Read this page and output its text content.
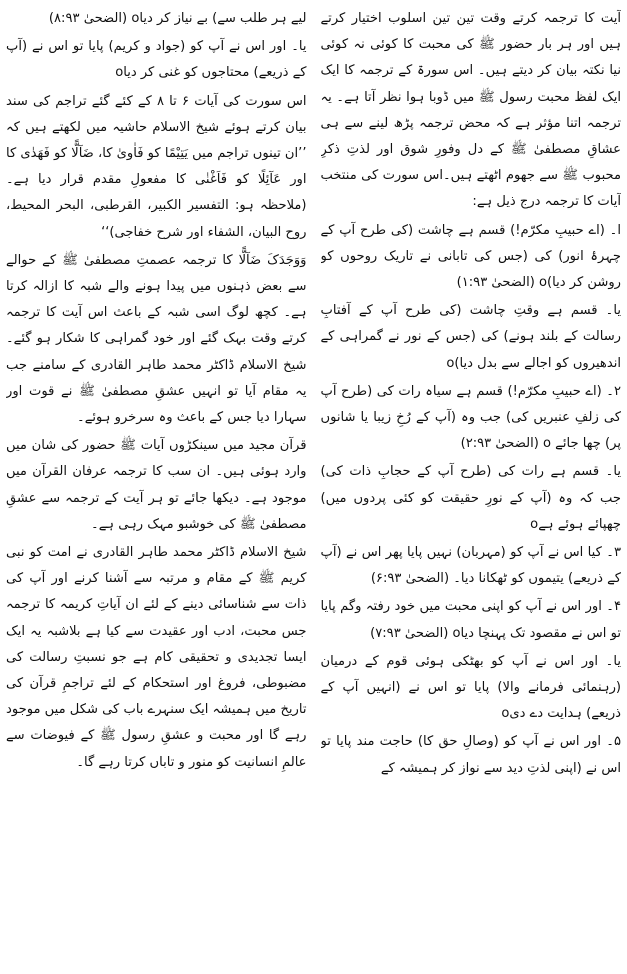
آیت کا ترجمہ کرتے وقت تین تین اسلوب اختیار کرتے ہیں اور ہر بار حضور ﷺ کی محبت کا کوئی نہ کوئی نیا نکتہ بیان کر دیتے ہیں۔ اس سورۃ کے ترجمہ کا ایک ایک لفظ محبت رسول ﷺ میں ڈوبا ہوا نظر آتا ہے۔ یہ ترجمہ اتنا مؤثر ہے کہ محض ترجمہ پڑھ لینے سے ہی عشاقِ مصطفیٰ ﷺ کے دل وفورِ شوق اور لذتِ ذکرِ محبوب ﷺ سے جھوم اٹھتے ہیں۔اس سورت کی منتخب آیات کا ترجمہ درج ذیل ہے:

ا۔ (اے حبیبِ مکرّم!) قسم ہے چاشت (کی طرح آپ کے چہرۂ انور) کی (جس کی تابانی نے تاریک روحوں کو روشن کر دیا)o (الضحیٰ ۱:۹۳)

یا۔ قسم ہے وقتِ چاشت (کی طرح آپ کے آفتابِ رسالت کے بلند ہونے) کی (جس کے نور نے گمراہی کے اندھیروں کو اجالے سے بدل دیا)o

۲۔ (اے حبیبِ مکرّم!) قسم ہے سیاہ رات کی (طرح آپ کی زلفِ عنبریں کی) جب وہ (آپ کے رُخِ زیبا یا شانوں پر) چھا جائے o (الضحیٰ ۲:۹۳)

یا۔ قسم ہے رات کی (طرح آپ کے حجابِ ذات کی) جب کہ وہ (آپ کے نورِ حقیقت کو کئی پردوں میں) چھپائے ہوئے ہےo

۳۔ کیا اس نے آپ کو (مہربان) نہیں پایا پھر اس نے (آپ کے ذریعے) یتیموں کو ٹھکانا دیا۔ (الضحیٰ ۶:۹۳)

۴۔ اور اس نے آپ کو اپنی محبت میں خود رفتہ وگم پایا تو اس نے مقصود تک پہنچا دیاo (الضحیٰ ۷:۹۳)

یا۔ اور اس نے آپ کو بھٹکی ہوئی قوم کے درمیان (رہنمائی فرمانے والا) پایا تو اس نے (انہیں آپ کے ذریعے) ہدایت دے دیo

۵۔ اور اس نے آپ کو (وصالِ حق کا) حاجت مند پایا تو اس نے (اپنی لذتِ دید سے نواز کر ہمیشہ کے

لیے ہر طلب سے) بے نیاز کر دیاo (الضحیٰ ۸:۹۳)

یا۔ اور اس نے آپ کو (جواد و کریم) پایا تو اس نے (آپ کے ذریعے) محتاجوں کو غنی کر دیاo

اس سورت کی آیات ۶ تا ۸ کے کئے گئے تراجم کی سند بیان کرتے ہوئے شیخ الاسلام حاشیہ میں لکھتے ہیں کہ ’’ان تینوں تراجم میں یَتِیْمًا کو فَاٰویٰ کا، ضَآلًّا کو فَھَدٰی کا اور عَآئِلًا کو فَاَغْنٰی کا مفعولِ مقدم قرار دیا ہے۔ (ملاحظہ ہو: التفسیر الکبیر، القرطبی، البحر المحیط، روح البیان، الشفاء اور شرح خفاجی)‘‘

وَوَجَدَکَ ضَآلًّا کا ترجمہ عصمتِ مصطفیٰ ﷺ کے حوالے سے بعض ذہنوں میں پیدا ہونے والے شبہ کا ازالہ کرتا ہے۔ کچھ لوگ اسی شبہ کے باعث اس آیت کا ترجمہ کرتے وقت بہک گئے اور خود گمراہی کا شکار ہو گئے۔ شیخ الاسلام ڈاکٹر محمد طاہر القادری کے سامنے جب یہ مقام آیا تو انہیں عشقِ مصطفیٰ ﷺ نے قوت اور سہارا دیا جس کے باعث وہ سرخرو ہوئے۔

قرآن مجید میں سینکڑوں آیات ﷺ حضور کی شان میں وارد ہوئی ہیں۔ ان سب کا ترجمہ عرفان القرآن میں موجود ہے۔ دیکھا جائے تو ہر آیت کے ترجمہ سے عشقِ مصطفیٰ ﷺ کی خوشبو مہک رہی ہے۔

شیخ الاسلام ڈاکٹر محمد طاہر القادری نے امت کو نبی کریم ﷺ کے مقام و مرتبہ سے آشنا کرنے اور آپ کی ذات سے شناسائی دینے کے لئے ان آیاتِ کریمہ کا ترجمہ جس محبت، ادب اور عقیدت سے کیا ہے بلاشبہ یہ ایک ایسا تجدیدی و تحقیقی کام ہے جو نسبتِ رسالت کی مضبوطی، فروغ اور استحکام کے لئے تراجمِ قرآن کی تاریخ میں ہمیشہ ایک سنہرے باب کی شکل میں موجود رہے گا اور محبت و عشقِ رسول ﷺ کے فیوضات سے عالمِ انسانیت کو منور و تاباں کرتا رہے گا۔
